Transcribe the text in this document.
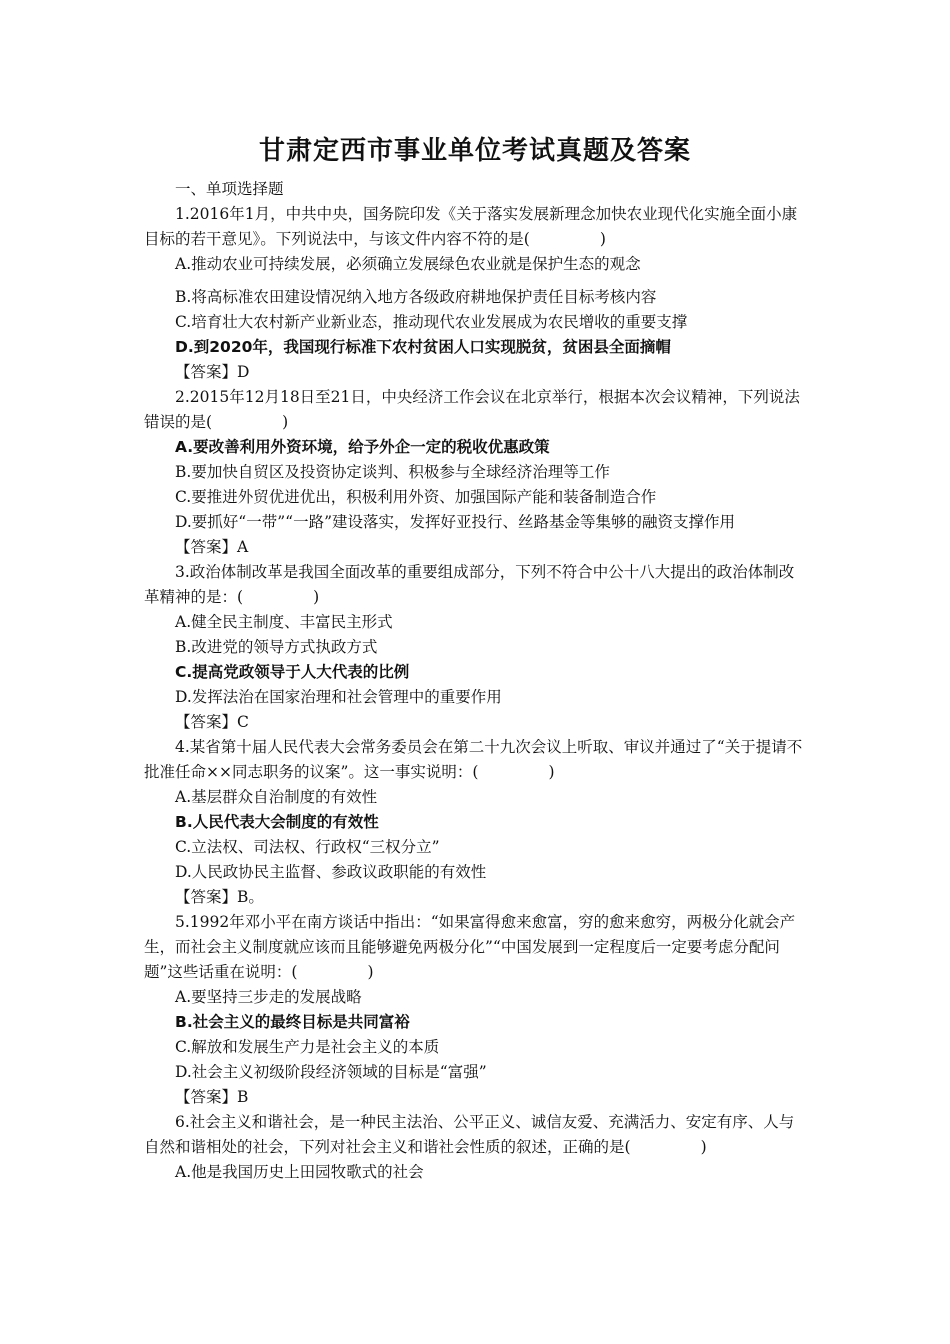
甘肃定西市事业单位考试真题及答案

一、单项选择题

1.2016年1月，中共中央，国务院印发《关于落实发展新理念加快农业现代化实施全面小康目标的若干意见》。下列说法中，与该文件内容不符的是(	)

A.推动农业可持续发展，必须确立发展绿色农业就是保护生态的观念

B.将高标准农田建设情况纳入地方各级政府耕地保护责任目标考核内容

C.培育壮大农村新产业新业态，推动现代农业发展成为农民增收的重要支撑

D.到2020年，我国现行标准下农村贫困人口实现脱贫，贫困县全面摘帽

【答案】D

2.2015年12月18日至21日，中央经济工作会议在北京举行，根据本次会议精神，下列说法错误的是(	)

A.要改善利用外资环境，给予外企一定的税收优惠政策

B.要加快自贸区及投资协定谈判、积极参与全球经济治理等工作

C.要推进外贸优进优出，积极利用外资、加强国际产能和装备制造合作

D.要抓好“一带”“一路”建设落实，发挥好亚投行、丝路基金等集够的融资支撑作用

【答案】A

3.政治体制改革是我国全面改革的重要组成部分，下列不符合中公十八大提出的政治体制改革精神的是：(	)

A.健全民主制度、丰富民主形式

B.改进党的领导方式执政方式

C.提高党政领导于人大代表的比例

D.发挥法治在国家治理和社会管理中的重要作用

【答案】C

4.某省第十届人民代表大会常务委员会在第二十九次会议上听取、审议并通过了“关于提请不批准任命××同志职务的议案”。这一事实说明：(	)

A.基层群众自治制度的有效性

B.人民代表大会制度的有效性

C.立法权、司法权、行政权“三权分立”

D.人民政协民主监督、参政议政职能的有效性

【答案】B。

5.1992年邓小平在南方谈话中指出：“如果富得愈来愈富，穷的愈来愈穷，两极分化就会产生，而社会主义制度就应该而且能够避免两极分化”“中国发展到一定程度后一定要考虑分配问题”这些话重在说明：(	)

A.要坚持三步走的发展战略

B.社会主义的最终目标是共同富裕

C.解放和发展生产力是社会主义的本质

D.社会主义初级阶段经济领域的目标是“富强”

【答案】B

6.社会主义和谐社会，是一种民主法治、公平正义、诚信友爱、充满活力、安定有序、人与自然和谐相处的社会，下列对社会主义和谐社会性质的叙述，正确的是(	)

A.他是我国历史上田园牧歌式的社会
